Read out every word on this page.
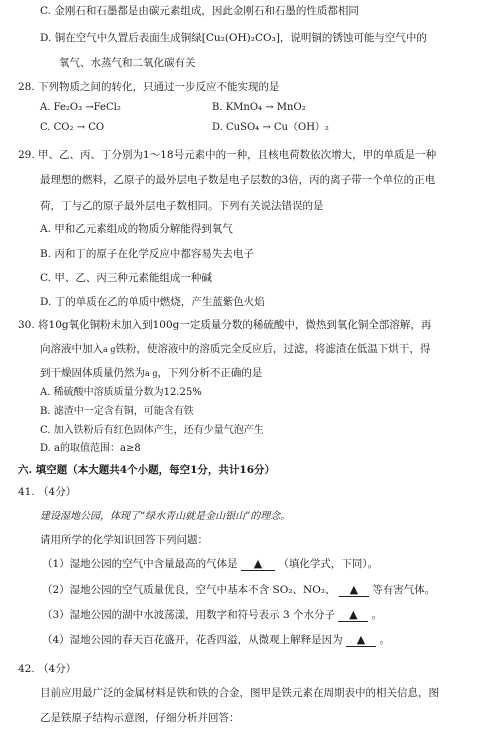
C. 金刚石和石墨都是由碳元素组成，因此金刚石和石墨的性质都相同
D. 铜在空气中久置后表面生成铜绿[Cu₂(OH)₂CO₃]，说明铜的锈蚀可能与空气中的
氧气、水蒸气和二氧化碳有关
28. 下列物质之间的转化，只通过一步反应不能实现的是
A. Fe₂O₃ →FeCl₂	B. KMnO₄ → MnO₂
C. CO₂ → CO	D. CuSO₄ → Cu（OH）₂
29. 甲、乙、丙、丁分别为1～18号元素中的一种，且核电荷数依次增大，甲的单质是一种
最理想的燃料，乙原子的最外层电子数是电子层数的3倍，丙的离子带一个单位的正电
荷，丁与乙的原子最外层电子数相同。下列有关说法错误的是
A. 甲和乙元素组成的物质分解能得到氧气
B. 丙和丁的原子在化学反应中都容易失去电子
C. 甲、乙、丙三种元素能组成一种碱
D. 丁的单质在乙的单质中燃烧，产生蓝紫色火焰
30. 将10g氧化铜粉末加入到100g一定质量分数的稀硫酸中，微热到氧化铜全部溶解，再
向溶液中加入a g铁粉，使溶液中的溶质完全反应后，过滤，将滤渣在低温下烘干，得
到干燥固体质量仍然为a g，下列分析不正确的是
A. 稀硫酸中溶质质量分数为12.25%
B. 滤渣中一定含有铜，可能含有铁
C. 加入铁粉后有红色固体产生，还有少量气泡产生
D. a的取值范围：a≥8
六. 填空题（本大题共4个小题，每空1分，共计16分）
41. （4分）
建设湿地公园，体现了“绿水青山就是金山银山”的理念。
请用所学的化学知识回答下列问题：
（1）湿地公园的空气中含量最高的气体是 ▲ （填化学式，下同）。
（2）湿地公园的空气质量优良，空气中基本不含 SO₂、NO₂、 ▲ 等有害气体。
（3）湿地公园的湖中水波荡漾，用数字和符号表示 3 个水分子 ▲ 。
（4）湿地公园的春天百花盛开，花香四溢，从微观上解释是因为 ▲ 。
42. （4分）
目前应用最广泛的金属材料是铁和铁的合金，图甲是铁元素在周期表中的相关信息，图
乙是铁原子结构示意图，仔细分析并回答：
